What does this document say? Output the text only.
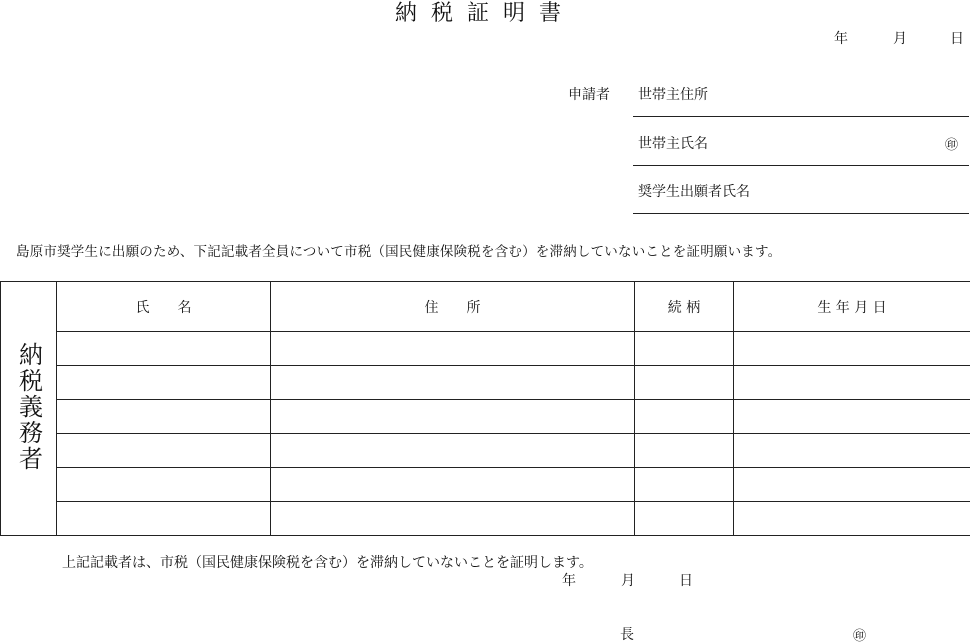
納税証明書
年	月	日
申請者 世帯主住所
世帯主氏名	㊞
奨学生出願者氏名
島原市奨学生に出願のため、下記記載者全員について市税（国民健康保険税を含む）を滞納していないことを証明願います。
納税義務者	氏　　名	住　　所	続 柄	生 年 月 日

上記記載者は、市税（国民健康保険税を含む）を滞納していないことを証明します。
年	月	日
長	㊞
